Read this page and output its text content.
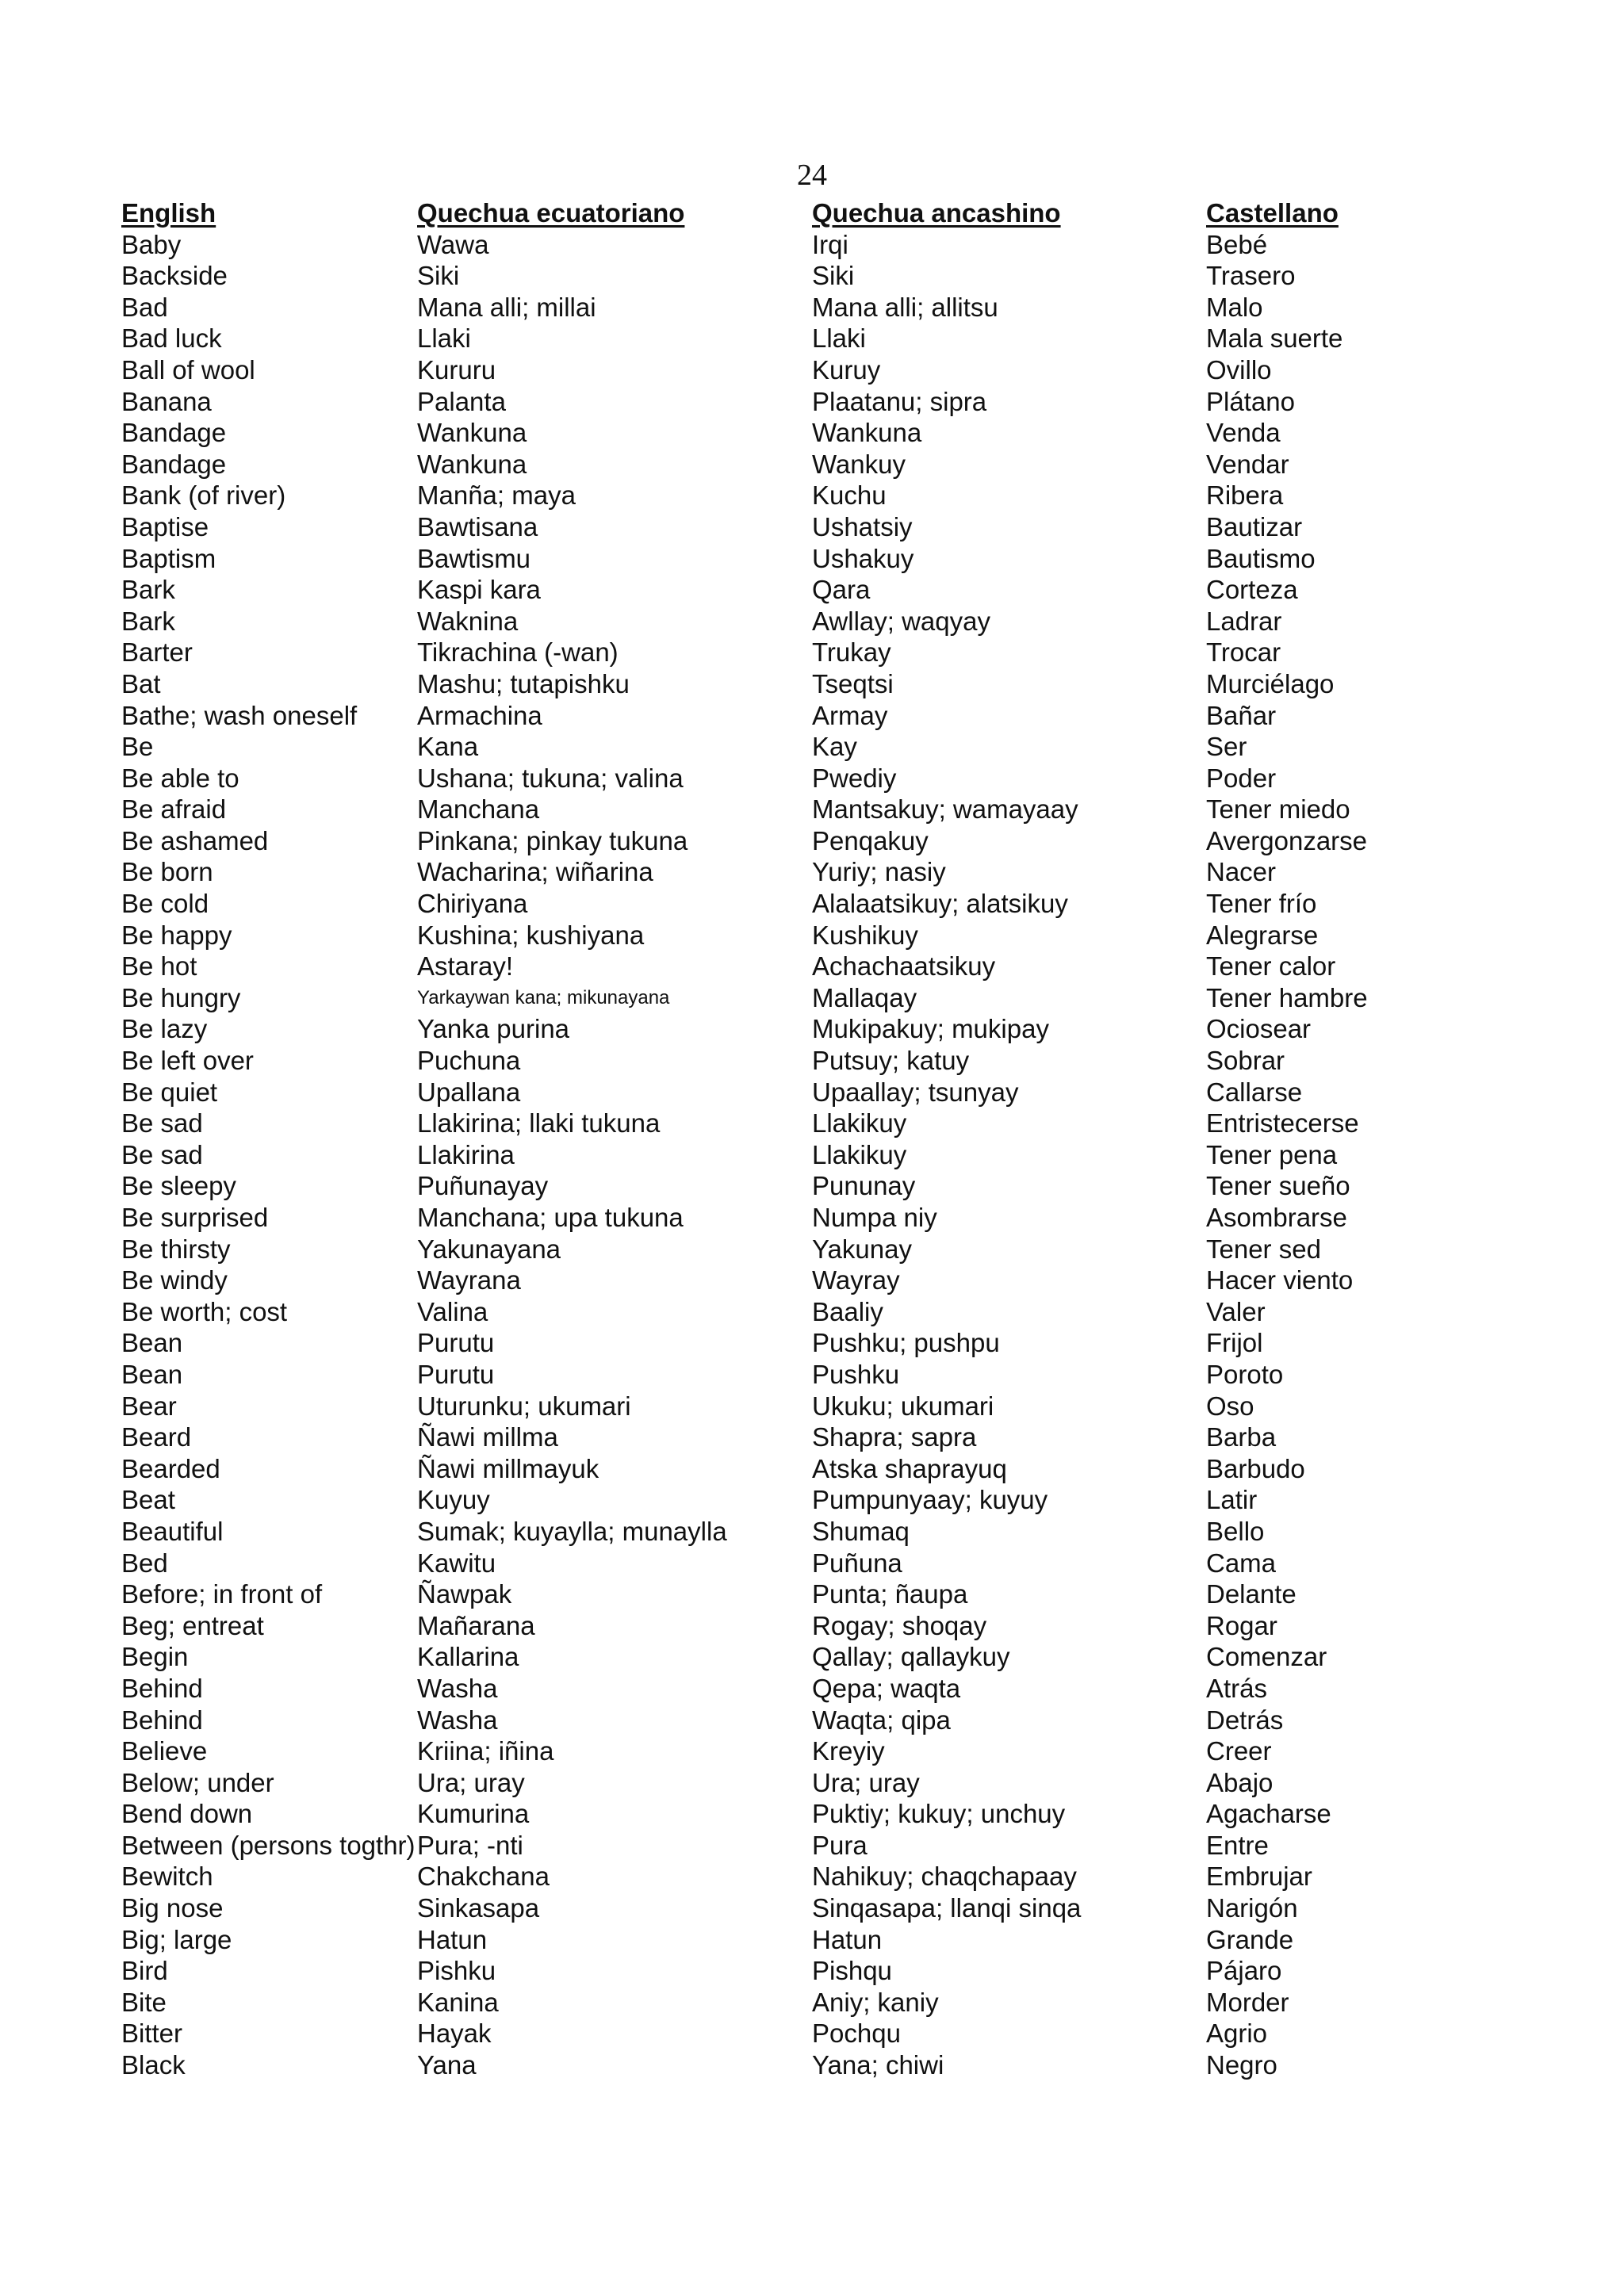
24
English	Quechua ecuatoriano	Quechua ancashino	Castellano
Baby	Wawa	Irqi	Bebé
Backside	Siki	Siki	Trasero
Bad	Mana alli; millai	Mana alli; allitsu	Malo
Bad luck	Llaki	Llaki	Mala suerte
Ball of wool	Kururu	Kuruy	Ovillo
Banana	Palanta	Plaatanu; sipra	Plátano
Bandage	Wankuna	Wankuna	Venda
Bandage	Wankuna	Wankuy	Vendar
Bank (of river)	Manña; maya	Kuchu	Ribera
Baptise	Bawtisana	Ushatsiy	Bautizar
Baptism	Bawtismu	Ushakuy	Bautismo
Bark	Kaspi kara	Qara	Corteza
Bark	Waknina	Awllay; waqyay	Ladrar
Barter	Tikrachina (-wan)	Trukay	Trocar
Bat	Mashu; tutapishku	Tseqtsi	Murciélago
Bathe; wash oneself	Armachina	Armay	Bañar
Be	Kana	Kay	Ser
Be able to	Ushana; tukuna; valina	Pwediy	Poder
Be afraid	Manchana	Mantsakuy; wamayaay	Tener miedo
Be ashamed	Pinkana; pinkay tukuna	Penqakuy	Avergonzarse
Be born	Wacharina; wiñarina	Yuriy; nasiy	Nacer
Be cold	Chiriyana	Alalaatsikuy; alatsikuy	Tener frío
Be happy	Kushina; kushiyana	Kushikuy	Alegrarse
Be hot	Astaray!	Achachaatsikuy	Tener calor
Be hungry	Yarkaywan kana; mikunayana	Mallaqay	Tener hambre
Be lazy	Yanka purina	Mukipakuy; mukipay	Ociosear
Be left over	Puchuna	Putsuy; katuy	Sobrar
Be quiet	Upallana	Upaallay; tsunyay	Callarse
Be sad	Llakirina; llaki tukuna	Llakikuy	Entristecerse
Be sad	Llakirina	Llakikuy	Tener pena
Be sleepy	Puñunayay	Pununay	Tener sueño
Be surprised	Manchana; upa tukuna	Numpa niy	Asombrarse
Be thirsty	Yakunayana	Yakunay	Tener sed
Be windy	Wayrana	Wayray	Hacer viento
Be worth; cost	Valina	Baaliy	Valer
Bean	Purutu	Pushku; pushpu	Frijol
Bean	Purutu	Pushku	Poroto
Bear	Uturunku; ukumari	Ukuku; ukumari	Oso
Beard	Ñawi millma	Shapra; sapra	Barba
Bearded	Ñawi millmayuk	Atska shaprayuq	Barbudo
Beat	Kuyuy	Pumpunyaay; kuyuy	Latir
Beautiful	Sumak; kuyaylla; munaylla	Shumaq	Bello
Bed	Kawitu	Puñuna	Cama
Before; in front of	Ñawpak	Punta; ñaupa	Delante
Beg; entreat	Mañarana	Rogay; shoqay	Rogar
Begin	Kallarina	Qallay; qallaykuy	Comenzar
Behind	Washa	Qepa; waqta	Atrás
Behind	Washa	Waqta; qipa	Detrás
Believe	Kriina; iñina	Kreyiy	Creer
Below; under	Ura; uray	Ura; uray	Abajo
Bend down	Kumurina	Puktiy; kukuy; unchuy	Agacharse
Between (persons togthr)	Pura; -nti	Pura	Entre
Bewitch	Chakchana	Nahikuy; chaqchapaay	Embrujar
Big nose	Sinkasapa	Sinqasapa; llanqi sinqa	Narigón
Big; large	Hatun	Hatun	Grande
Bird	Pishku	Pishqu	Pájaro
Bite	Kanina	Aniy; kaniy	Morder
Bitter	Hayak	Pochqu	Agrio
Black	Yana	Yana; chiwi	Negro
